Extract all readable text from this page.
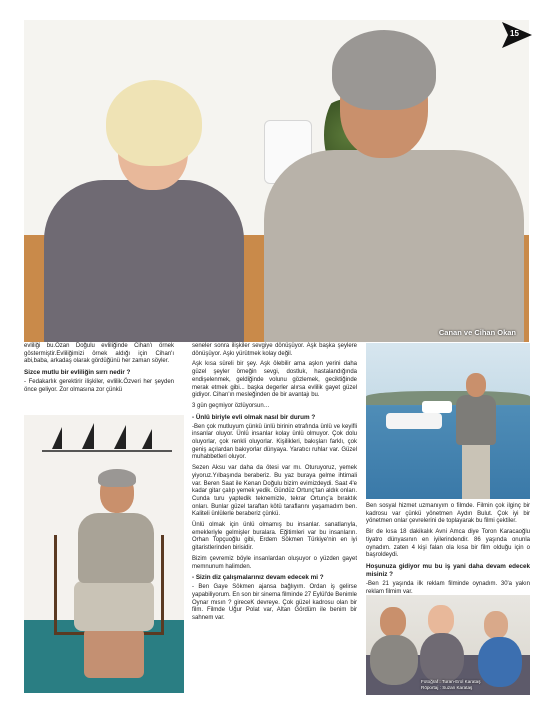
Canan ve Cihan Okan
15

evliliği bu.Ozan Doğulu evliliğinde Cihan'ı örnek göstermiştir.Evliliğimizi örnek aldığı için Cihan'ı abi,baba, arkadaş olarak gördüğünü her zaman söyler.

Sizce mutlu bir evliliğin sırrı nedir ?

- Fedakarlık gerektirir ilişkiler, evlilik.Özveri her şeyden önce geliyor. Zor olmasına zor çünkü

seneler sonra ilişkiler sevgiye dönüşüyor. Aşk başka şeylere dönüşüyor. Aşkı yürütmek kolay değil.

Aşk kısa süreli bir şey. Aşk ölebilir ama aşkın yerini daha güzel şeyler örneğin sevgi, dostluk, hastalandığında endişelenmek, geldiğinde volunu gözlemek, geciktiğinde merak etmek gibi... başka degerler alırsa evlilik gayet güzel gidiyor. Cihan'ın mesleğinden de bir avantajı bu.

3 gün geçmiyor özlüyorsun…

- Ünlü biriyle evli olmak nasıl bir durum ?

-Ben çok mutluyum çünkü ünlü birinin etrafında ünlü ve keyifli insanlar oluyor. Ünlü insanlar kolay ünlü olmuyor. Çok dolu oluyorlar, çok renkli oluyorlar. Kişilikleri, bakışları farklı, çok geniş açılardan bakıyorlar dünyaya. Yaratıcı ruhlar var. Güzel muhabbetleri oluyor.

Sezen Aksu var daha da ötesi var mı. Oturuyoruz, yemek yiyoruz.Yılbaşında beraberiz. Bu yaz buraya gelme ihtimali var. Beren Saat ile Kenan Doğulu bizim evimizdeydi. Saat 4'e kadar gitar çalıp yemek yedik. Gündüz Ortunç'tan aldık onları. Cunda turu yaptedik teknemizle, tekrar Ortunç'a bıraktık onları. Bunlar güzel taraftan kötü taraflarını yaşamadım ben. Kaliteli ünlülerle beraberiz çünkü.

Ünlü olmak için ünlü olmamış bu insanlar. sanatlarıyla, emekleriyle gelmişler buralara. Eğitimleri var bu insanların. Orhan Topçuoğlu gibi, Erdem Sökmen Türkiye'nin en iyi gitaristlerinden birisidir.

Bizim çevremiz böyle insanlardan oluşuyor o yüzden gayet memnunum halimden.

- Sizin diz çalışmalarınız devam edecek mi ?

- Ben Gaye Sökmen ajansa bağlıyım. Ordan iş gelirse yapabiliyorum. En son bir sinema filminde 27 Eylül'de Benimle Oynar mısın ? gireceK devreye. Çok güzel kadrosu olan bir film. Filmde Uğur Polat var, Altan Gördüm ile benim bir sahnem var.

Ben sosyal hizmet uzmanıyım o filmde. Filmin çok ilginç bir kadrosu var çünkü yönetmen Aydın Bulut. Çok iyi bir yönetmen onlar çevrelerini de toplayarak bu filmi çektiler.

Bir de kısa 18 dakikalık Avni Amca diye Toron Karacaoğlu tiyatro dünyasının en iyilerindendir. 86 yaşında onunla oynadım. zaten 4 kişi falan ola kısa bir film olduğu için o başroldeydi.

Hoşunuza gidiyor mu bu iş yani daha devam edecek misiniz ?

-Ben 21 yaşında ilk reklam filminde oynadım. 30'a yakın reklam filmim var.

Fotoğraf : Turan-Erol Karataş
Röportaj : Suzan Karataş
